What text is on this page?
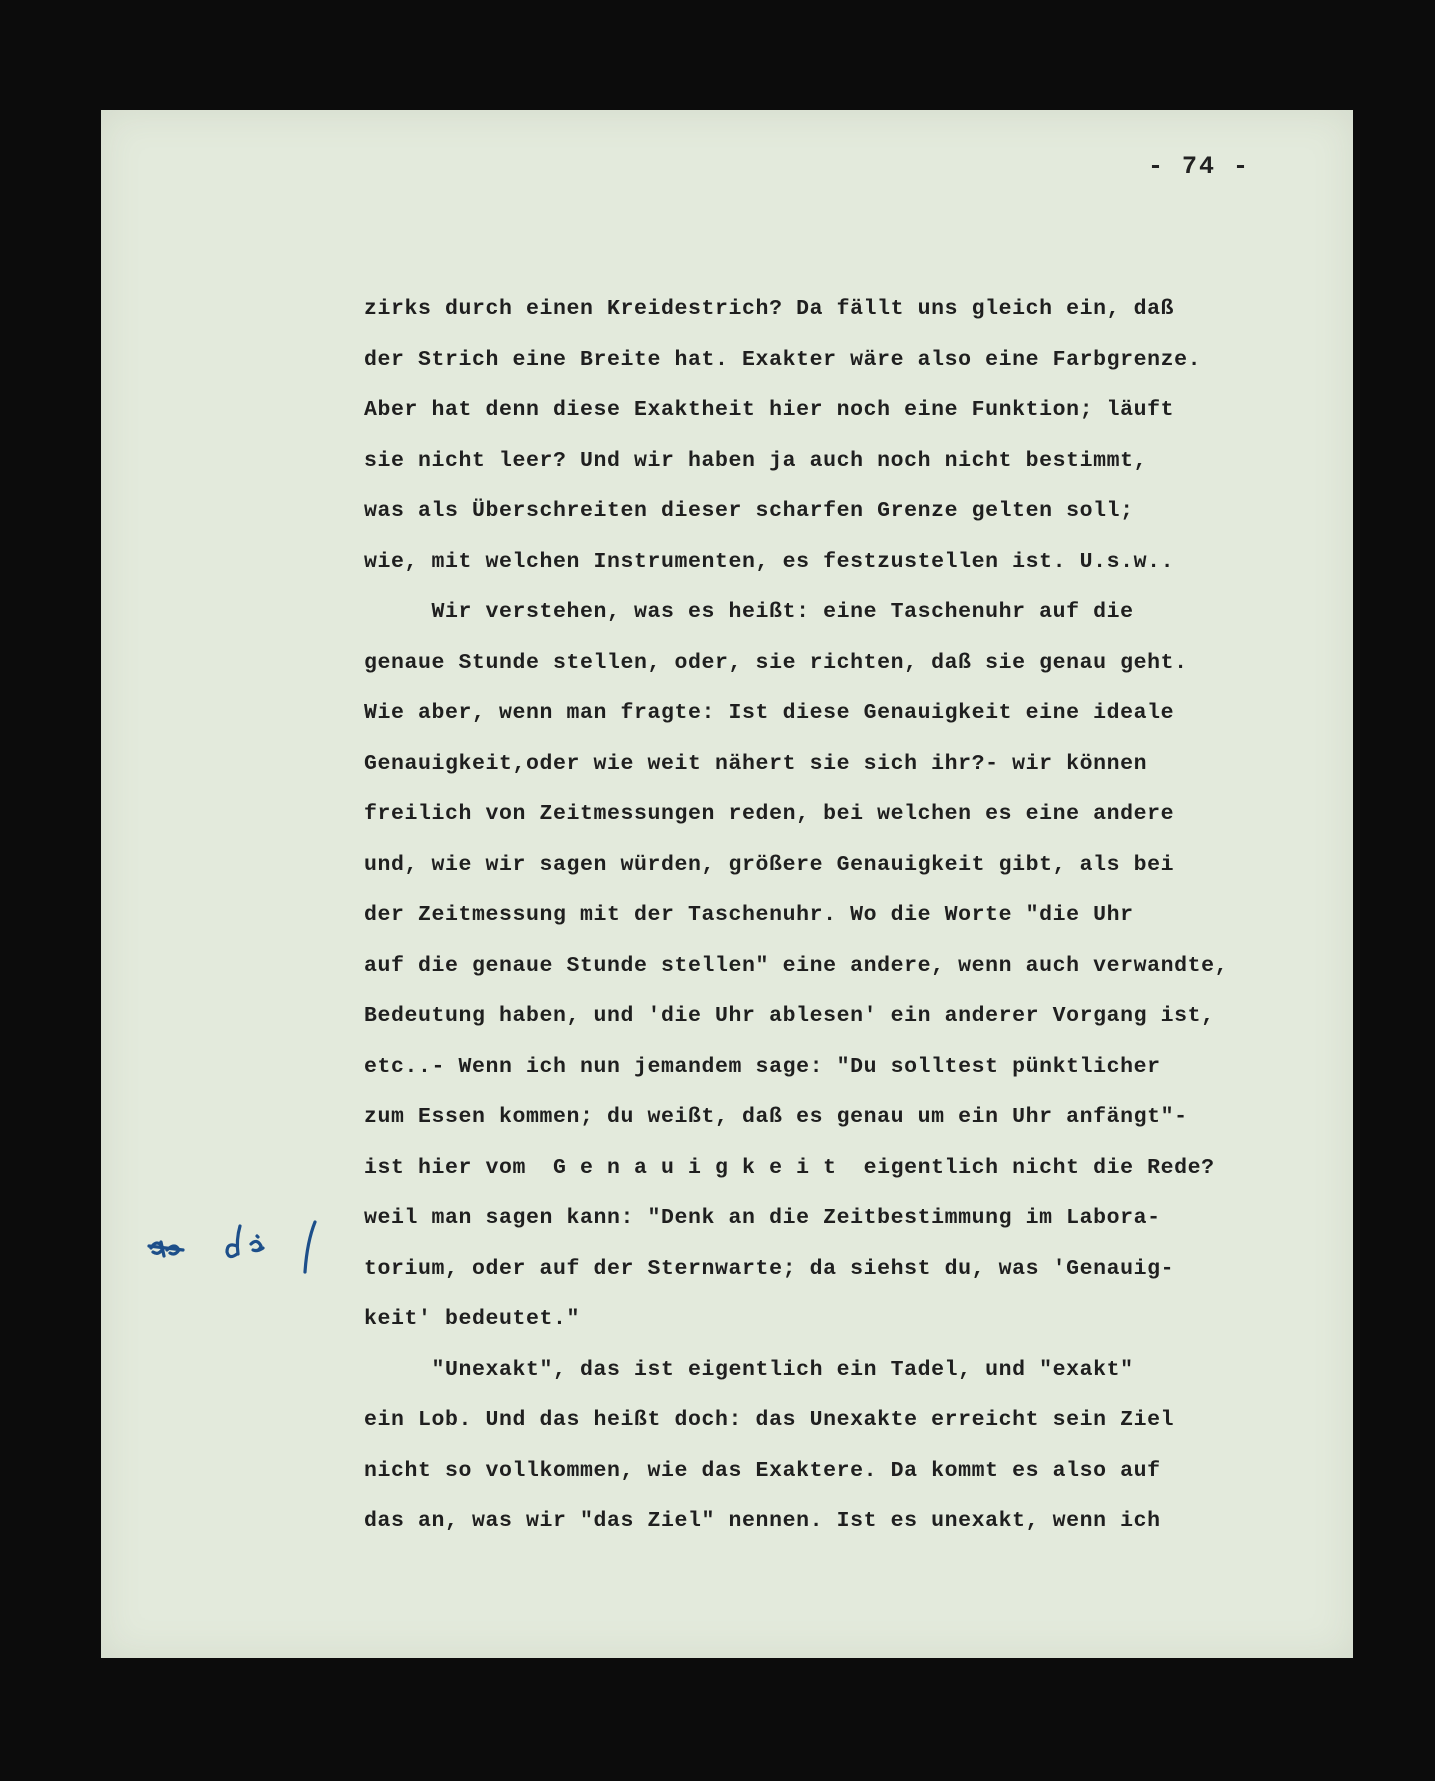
- 74 -
zirks durch einen Kreidestrich? Da fällt uns gleich ein, daß
der Strich eine Breite hat. Exakter wäre also eine Farbgrenze.
Aber hat denn diese Exaktheit hier noch eine Funktion; läuft
sie nicht leer? Und wir haben ja auch noch nicht bestimmt,
was als Überschreiten dieser scharfen Grenze gelten soll;
wie, mit welchen Instrumenten, es festzustellen ist. U.s.w..
Wir verstehen, was es heißt: eine Taschenuhr auf die
genaue Stunde stellen, oder, sie richten, daß sie genau geht.
Wie aber, wenn man fragte: Ist diese Genauigkeit eine ideale
Genauigkeit,oder wie weit nähert sie sich ihr?- wir können
freilich von Zeitmessungen reden, bei welchen es eine andere
und, wie wir sagen würden, größere Genauigkeit gibt, als bei
der Zeitmessung mit der Taschenuhr. Wo die Worte "die Uhr
auf die genaue Stunde stellen" eine andere, wenn auch verwandte,
Bedeutung haben, und 'die Uhr ablesen' ein anderer Vorgang ist,
etc..- Wenn ich nun jemandem sage: "Du solltest pünktlicher
zum Essen kommen; du weißt, daß es genau um ein Uhr anfängt"-
ist hier vom  G e n a u i g k e i t  eigentlich nicht die Rede?
weil man sagen kann: "Denk an die Zeitbestimmung im Labora-
torium, oder auf der Sternwarte; da siehst du, was 'Genauig-
keit' bedeutet."
"Unexakt", das ist eigentlich ein Tadel, und "exakt"
ein Lob. Und das heißt doch: das Unexakte erreicht sein Ziel
nicht so vollkommen, wie das Exaktere. Da kommt es also auf
das an, was wir "das Ziel" nennen. Ist es unexakt, wenn ich
